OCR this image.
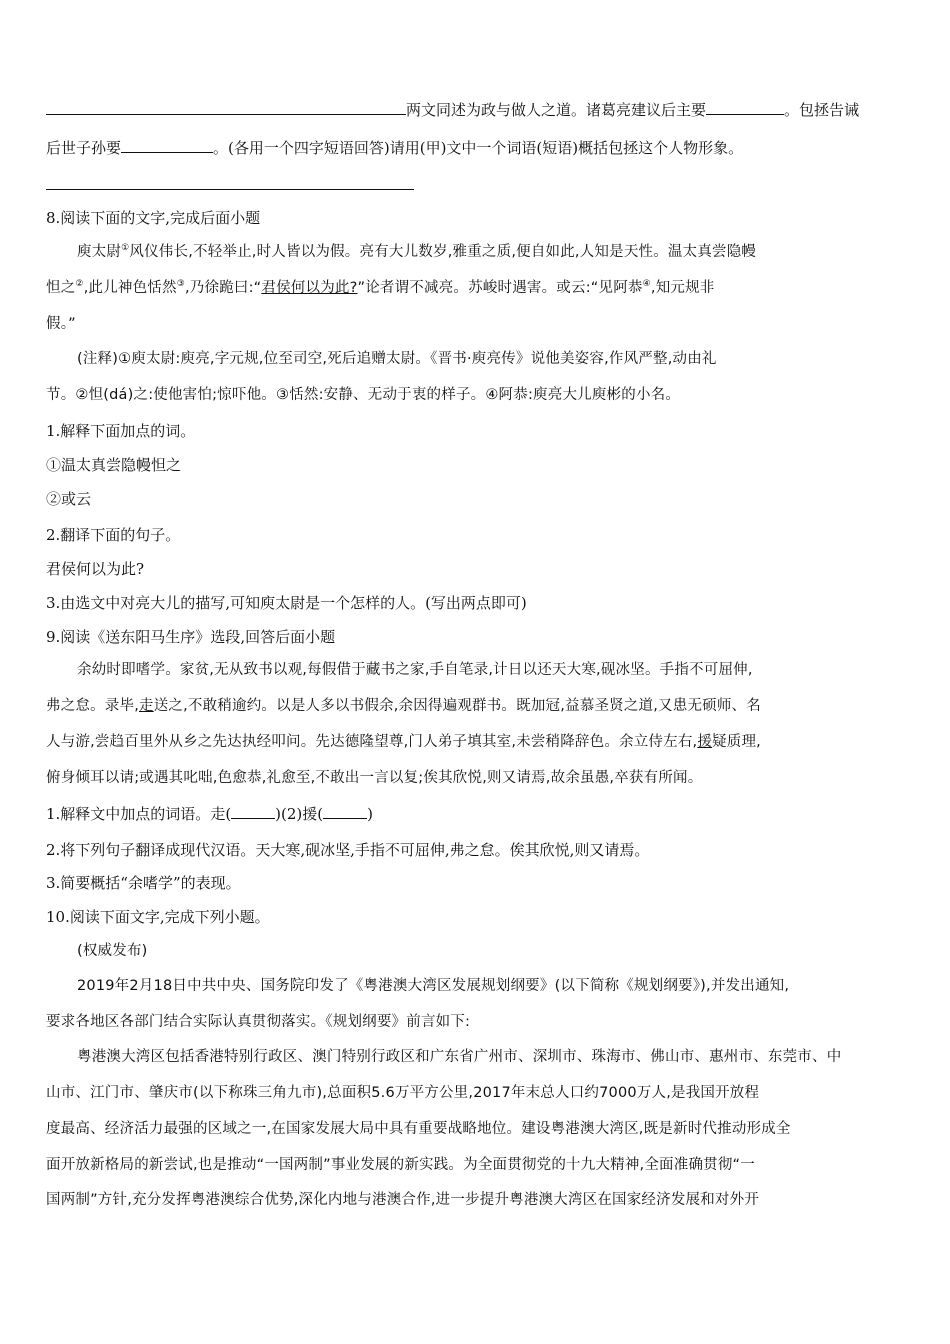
两文同述为政与做人之道。诸葛亮建议后主要	。包拯告诫
后世子孙要	。(各用一个四字短语回答)请用(甲)文中一个词语(短语)概括包拯这个人物形象。
8.阅读下面的文字,完成后面小题
庾太尉①风仪伟长,不轻举止,时人皆以为假。亮有大儿数岁,雅重之质,便自如此,人知是天性。温太真尝隐幔
怛之②,此儿神色恬然③,乃徐跪曰:“君侯何以为此?”论者谓不减亮。苏峻时遇害。或云:“见阿恭④,知元规非
假。”
(注释)①庾太尉:庾亮,字元规,位至司空,死后追赠太尉。《晋书·庾亮传》说他美姿容,作风严整,动由礼
节。②怛(dá)之:使他害怕;惊吓他。③恬然:安静、无动于衷的样子。④阿恭:庾亮大儿庾彬的小名。
1.解释下面加点的词。
①温太真尝隐幔怛之
②或云
2.翻译下面的句子。
君侯何以为此?
3.由选文中对亮大儿的描写,可知庾太尉是一个怎样的人。(写出两点即可)
9.阅读《送东阳马生序》选段,回答后面小题
余幼时即嗜学。家贫,无从致书以观,每假借于藏书之家,手自笔录,计日以还天大寒,砚冰坚。手指不可屈伸,
弗之怠。录毕,走送之,不敢稍逾约。以是人多以书假余,余因得遍观群书。既加冠,益慕圣贤之道,又患无硕师、名
人与游,尝趋百里外从乡之先达执经叩问。先达德隆望尊,门人弟子填其室,未尝稍降辞色。余立侍左右,援疑质理,
俯身倾耳以请;或遇其叱咄,色愈恭,礼愈至,不敢出一言以复;俟其欣悦,则又请焉,故余虽愚,卒获有所闻。
1.解释文中加点的词语。走(	)(2)援(	)
2.将下列句子翻译成现代汉语。天大寒,砚冰坚,手指不可屈伸,弗之怠。俟其欣悦,则又请焉。
3.简要概括“余嗜学”的表现。
10.阅读下面文字,完成下列小题。
(权威发布)
2019年2月18日中共中央、国务院印发了《粤港澳大湾区发展规划纲要》(以下简称《规划纲要》),并发出通知,
要求各地区各部门结合实际认真贯彻落实。《规划纲要》前言如下:
粤港澳大湾区包括香港特别行政区、澳门特别行政区和广东省广州市、深圳市、珠海市、佛山市、惠州市、东莞市、中
山市、江门市、肇庆市(以下称珠三角九市),总面积5.6万平方公里,2017年末总人口约7000万人,是我国开放程
度最高、经济活力最强的区域之一,在国家发展大局中具有重要战略地位。建设粤港澳大湾区,既是新时代推动形成全
面开放新格局的新尝试,也是推动“一国两制”事业发展的新实践。为全面贯彻党的十九大精神,全面准确贯彻“一
国两制”方针,充分发挥粤港澳综合优势,深化内地与港澳合作,进一步提升粤港澳大湾区在国家经济发展和对外开
